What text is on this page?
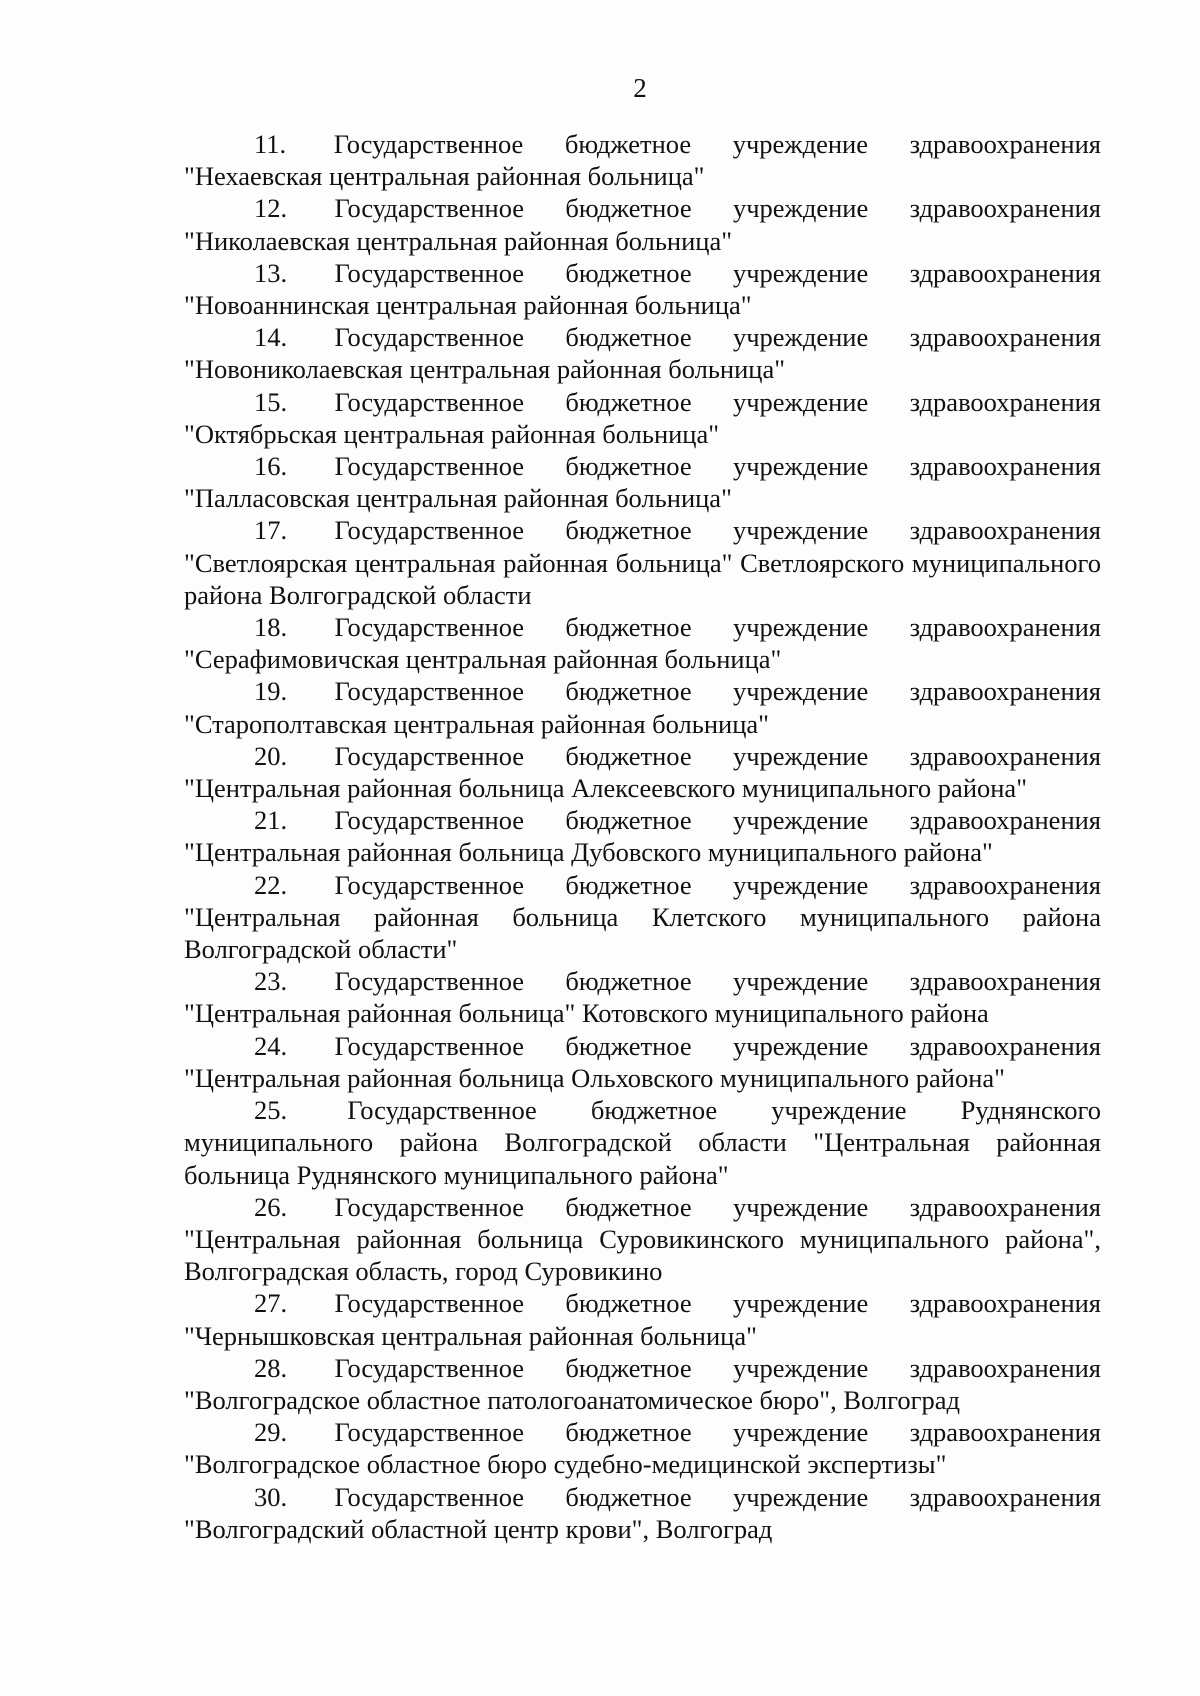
2

11. Государственное бюджетное учреждение здравоохранения "Нехаевская центральная районная больница"

12. Государственное бюджетное учреждение здравоохранения "Николаевская центральная районная больница"

13. Государственное бюджетное учреждение здравоохранения "Новоаннинская центральная районная больница"

14. Государственное бюджетное учреждение здравоохранения "Новониколаевская центральная районная больница"

15. Государственное бюджетное учреждение здравоохранения "Октябрьская центральная районная больница"

16. Государственное бюджетное учреждение здравоохранения "Палласовская центральная районная больница"

17. Государственное бюджетное учреждение здравоохранения "Светлоярская центральная районная больница" Светлоярского муниципального района Волгоградской области

18. Государственное бюджетное учреждение здравоохранения "Серафимовичская центральная районная больница"

19. Государственное бюджетное учреждение здравоохранения "Старополтавская центральная районная больница"

20. Государственное бюджетное учреждение здравоохранения "Центральная районная больница Алексеевского муниципального района"

21. Государственное бюджетное учреждение здравоохранения "Центральная районная больница Дубовского муниципального района"

22. Государственное бюджетное учреждение здравоохранения "Центральная районная больница Клетского муниципального района Волгоградской области"

23. Государственное бюджетное учреждение здравоохранения "Центральная районная больница" Котовского муниципального района

24. Государственное бюджетное учреждение здравоохранения "Центральная районная больница Ольховского муниципального района"

25. Государственное бюджетное учреждение Руднянского муниципального района Волгоградской области "Центральная районная больница Руднянского муниципального района"

26. Государственное бюджетное учреждение здравоохранения "Центральная районная больница Суровикинского муниципального района", Волгоградская область, город Суровикино

27. Государственное бюджетное учреждение здравоохранения "Чернышковская центральная районная больница"

28. Государственное бюджетное учреждение здравоохранения "Волгоградское областное патологоанатомическое бюро", Волгоград

29. Государственное бюджетное учреждение здравоохранения "Волгоградское областное бюро судебно-медицинской экспертизы"

30. Государственное бюджетное учреждение здравоохранения "Волгоградский областной центр крови", Волгоград
